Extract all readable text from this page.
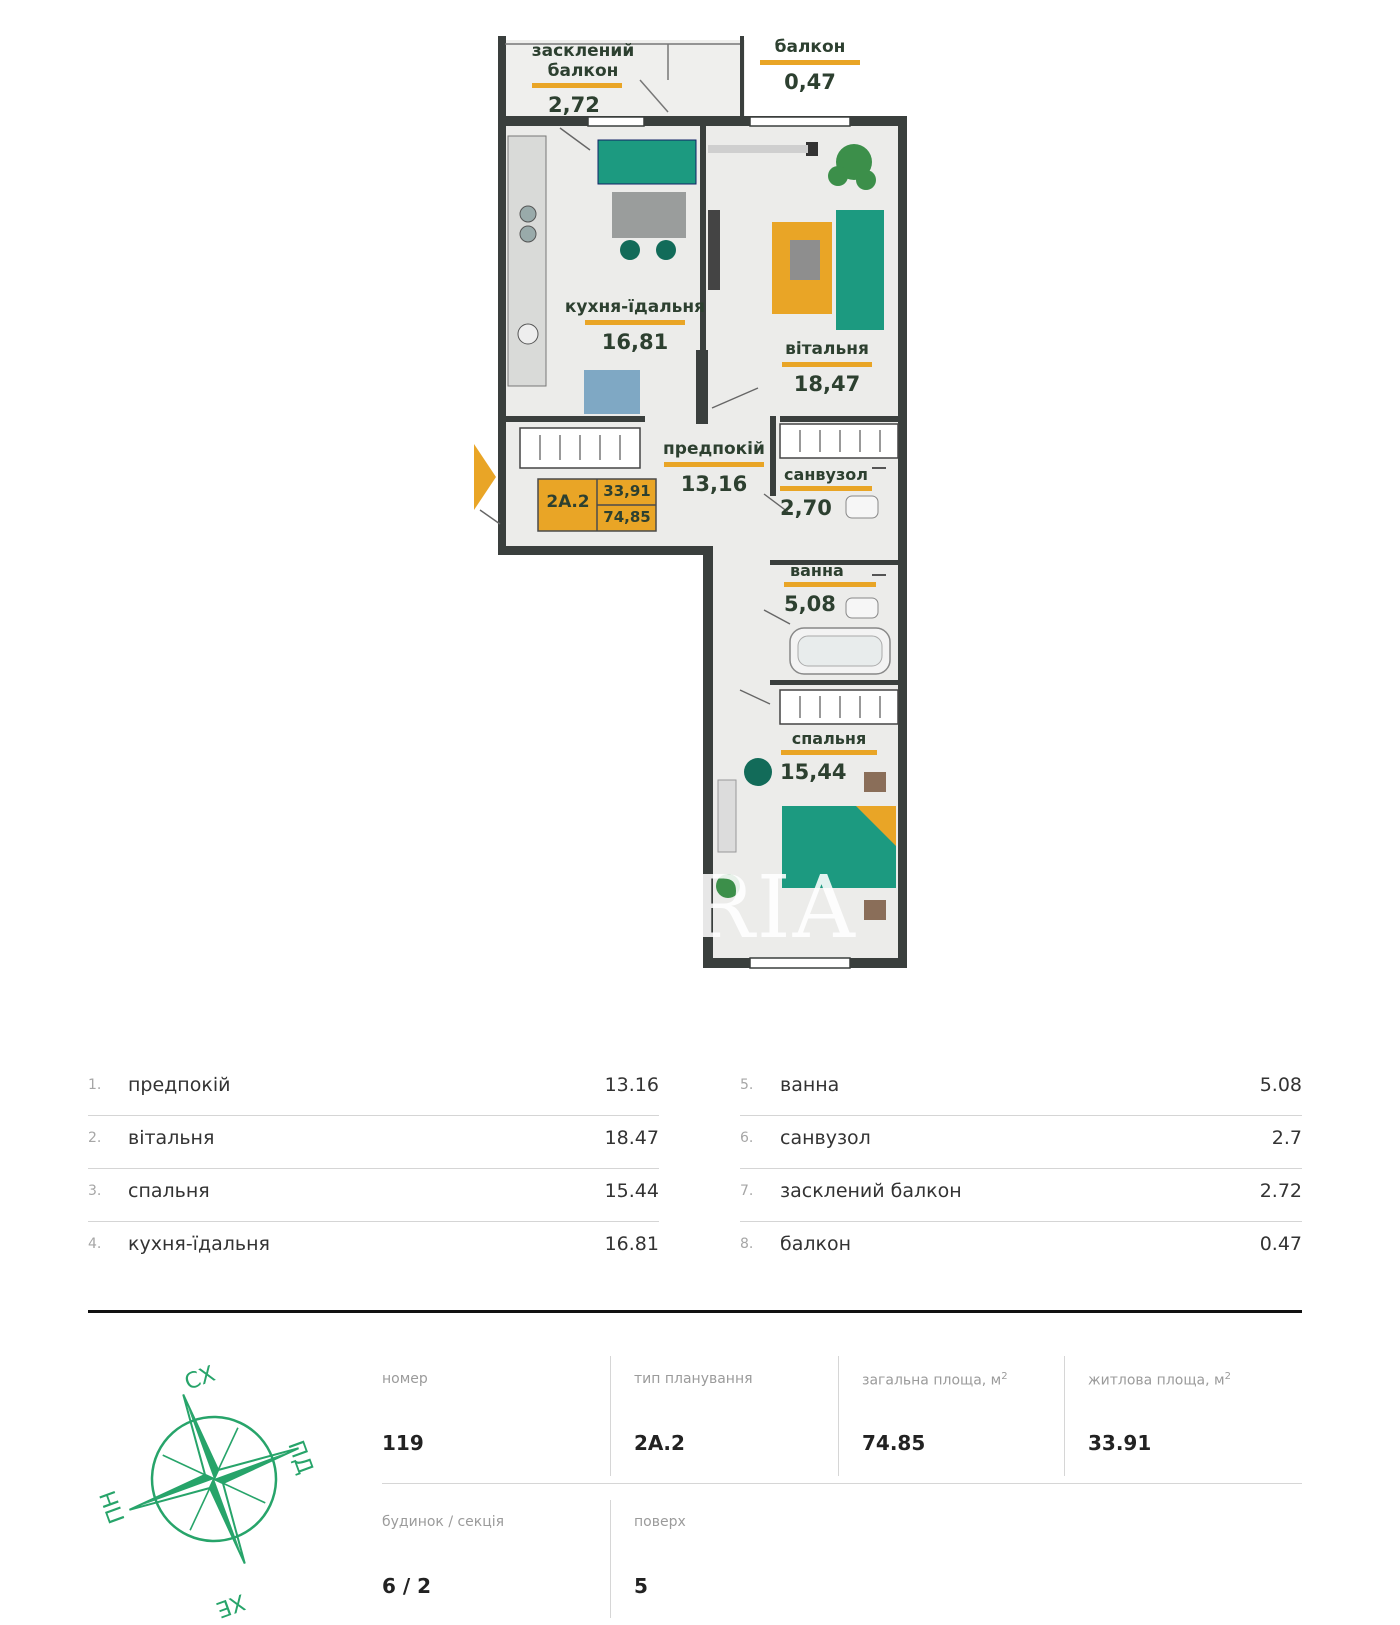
засклений
балкон
2,72
балкон
0,47
кухня-їдальня
16,81	вітальня
18,47
предпокій
13,16	санвузол
2,70
ванна
5,08
спальня
15,44
2А.2
33,91
74,85
RIA
1. предпокій	13.16
2. вітальня	18.47
3. спальня	15.44
4. кухня-їдальня	16.81
5. ванна	5.08
6. санвузол	2.7
7. засклений балкон	2.72
8. балкон	0.47
СХ
ПД
ХЕ
ПН
номер
119
тип планування
2А.2
загальна площа, $м^2$
74.85
житлова площа, $м^2$
33.91
будинок / секція
6 / 2
поверх
5
